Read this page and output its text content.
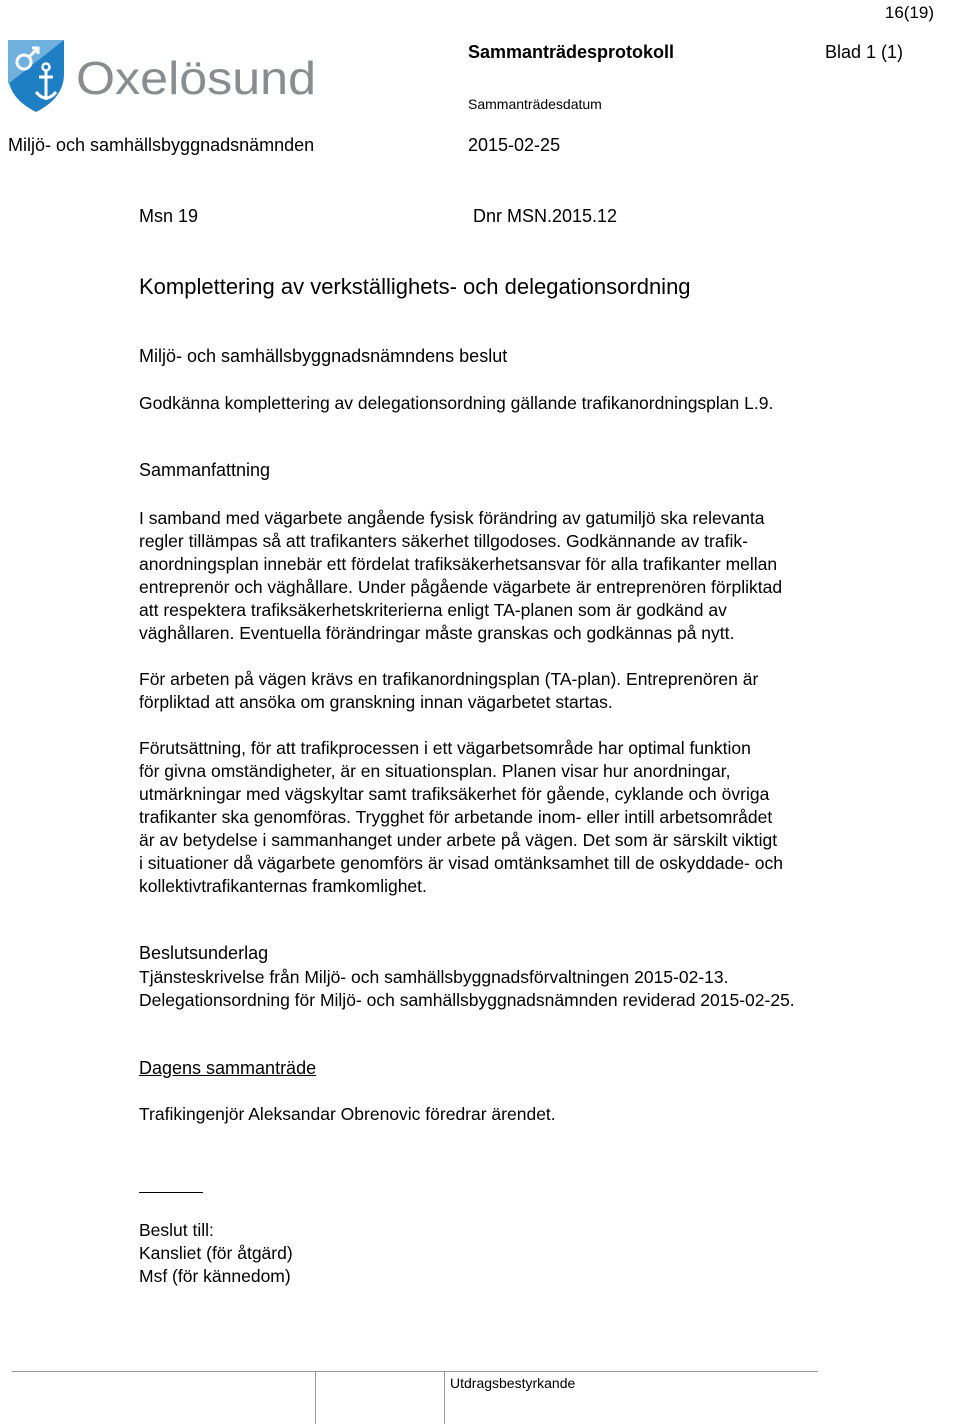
16(19)
Oxelösund	Sammanträdesprotokoll	Blad 1 (1)
Sammanträdesdatum
Miljö- och samhällsbyggnadsnämnden	2015-02-25
Msn 19	Dnr MSN.2015.12
Komplettering av verkställighets- och delegationsordning
Miljö- och samhällsbyggnadsnämndens beslut
Godkänna komplettering av delegationsordning gällande trafikanordningsplan L.9.
Sammanfattning

I samband med vägarbete angående fysisk förändring av gatumiljö ska relevanta

regler tillämpas så att trafikanters säkerhet tillgodoses. Godkännande av trafik-

anordningsplan innebär ett fördelat trafiksäkerhetsansvar för alla trafikanter mellan

entreprenör och väghållare. Under pågående vägarbete är entreprenören förpliktad

att respektera trafiksäkerhetskriterierna enligt TA-planen som är godkänd av

väghållaren. Eventuella förändringar måste granskas och godkännas på nytt.

För arbeten på vägen krävs en trafikanordningsplan (TA-plan). Entreprenören är

förpliktad att ansöka om granskning innan vägarbetet startas.

Förutsättning, för att trafikprocessen i ett vägarbetsområde har optimal funktion

för givna omständigheter, är en situationsplan. Planen visar hur anordningar,

utmärkningar med vägskyltar samt trafiksäkerhet för gående, cyklande och övriga

trafikanter ska genomföras. Trygghet för arbetande inom- eller intill arbetsområdet

är av betydelse i sammanhanget under arbete på vägen. Det som är särskilt viktigt

i situationer då vägarbete genomförs är visad omtänksamhet till de oskyddade- och

kollektivtrafikanternas framkomlighet.

Beslutsunderlag
Tjänsteskrivelse från Miljö- och samhällsbyggnadsförvaltningen 2015-02-13.
Delegationsordning för Miljö- och samhällsbyggnadsnämnden reviderad 2015-02-25.
Dagens sammanträde
Trafikingenjör Aleksandar Obrenovic föredrar ärendet.
Beslut till:
Kansliet (för åtgärd)
Msf (för kännedom)
Utdragsbestyrkande
